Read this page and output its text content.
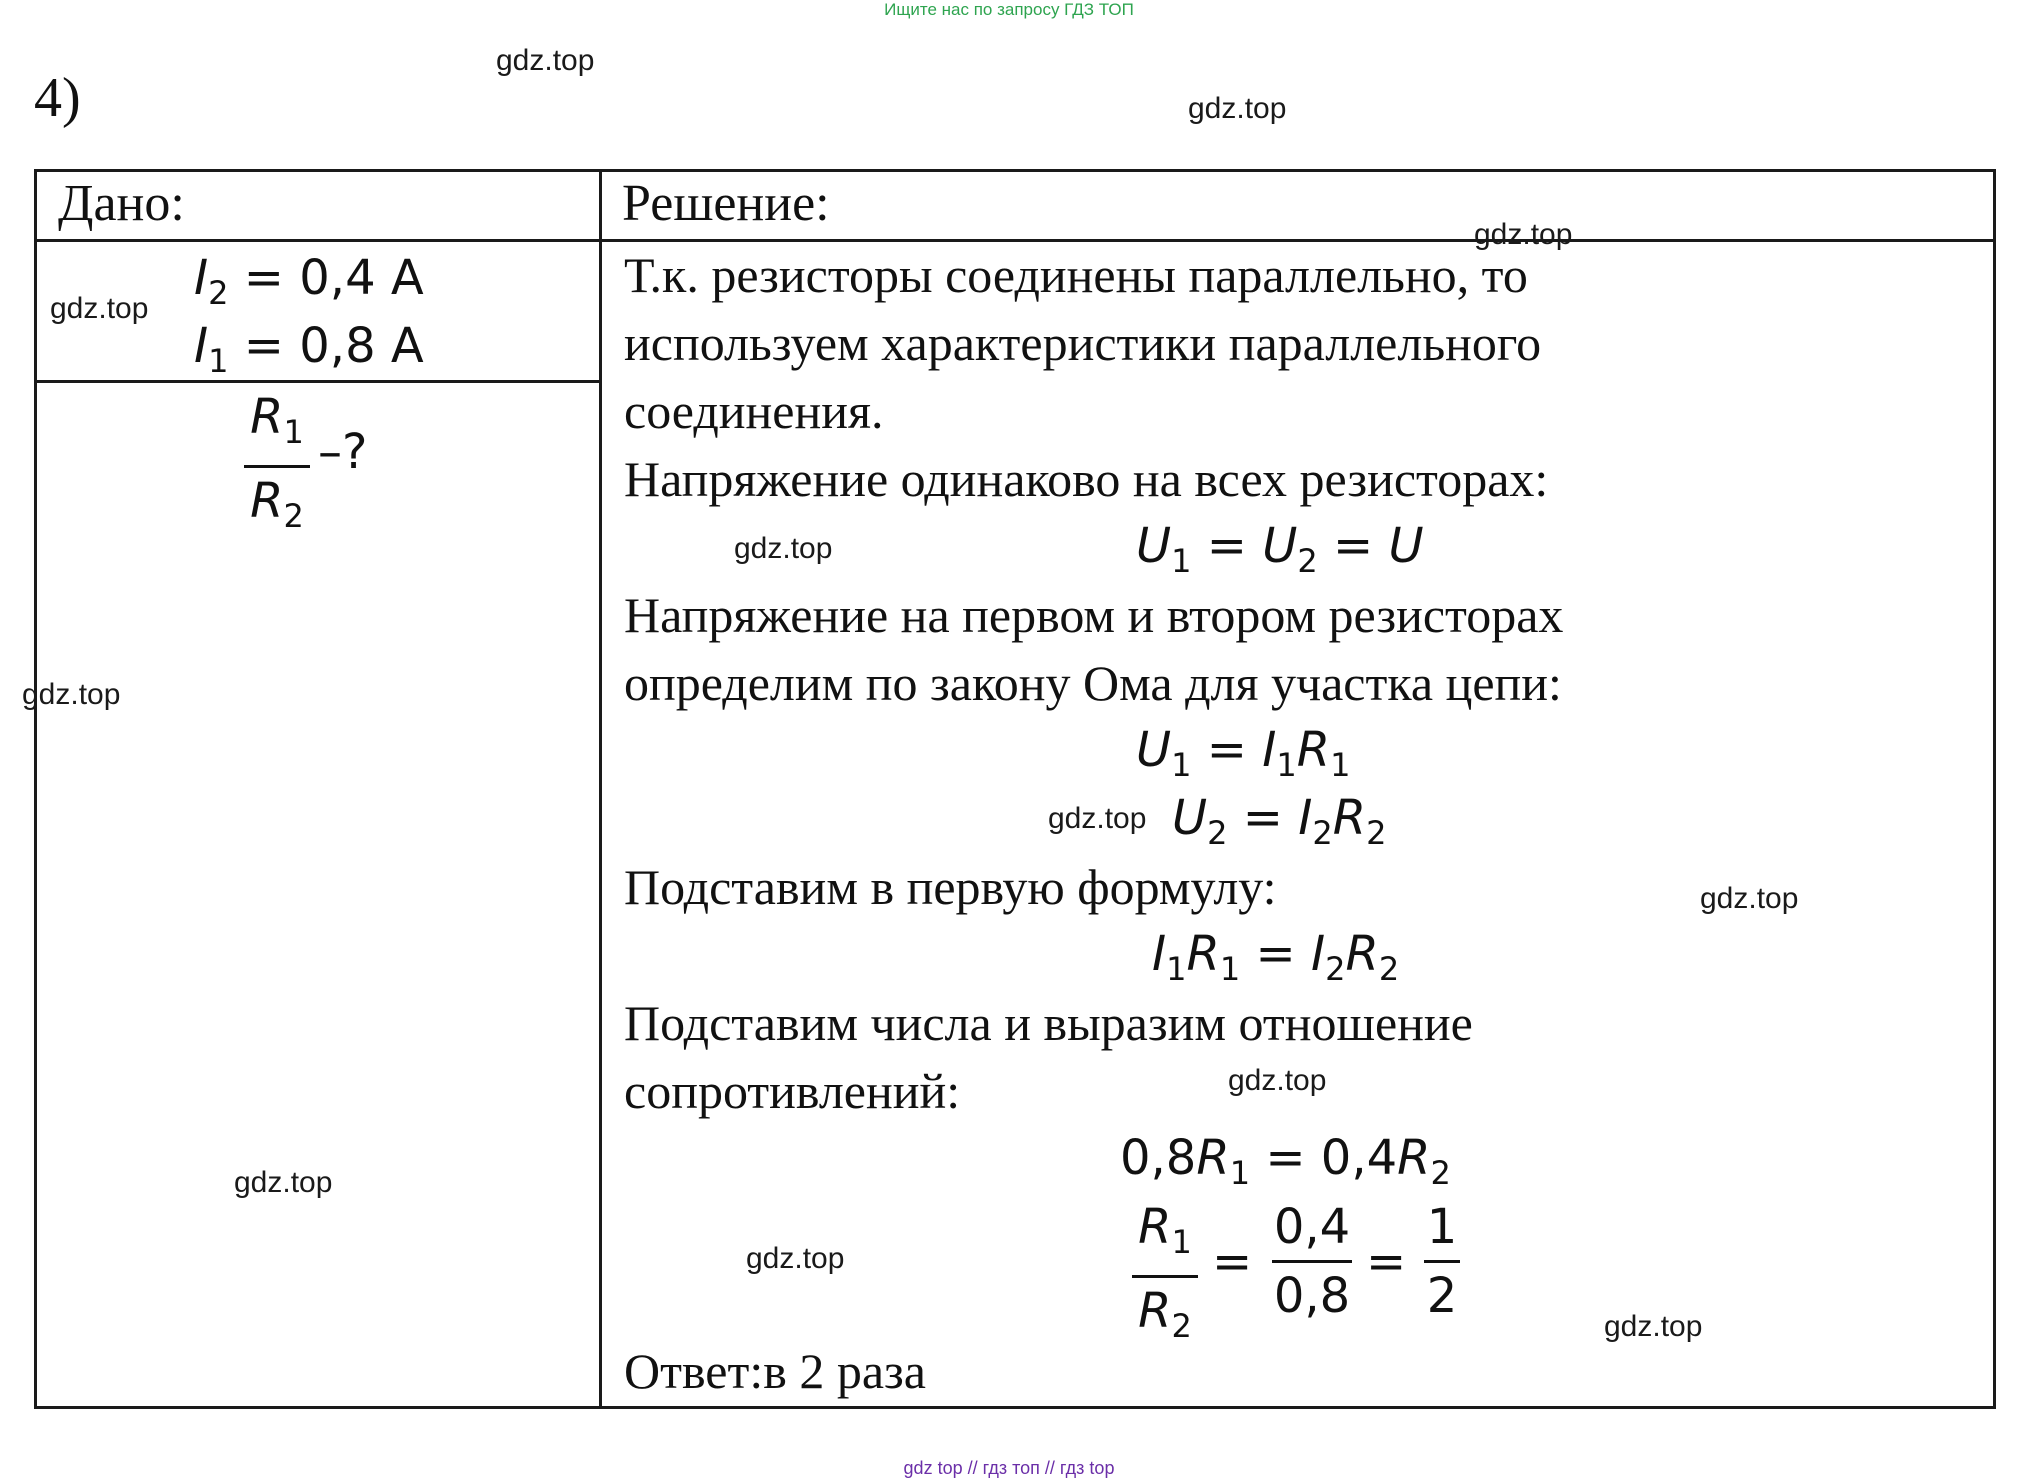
Ищите нас по запросу ГДЗ ТОП
4)
Дано:	Решение:
$I_2 = 0,4$ А
$I_1 = 0,8$ А
$R_1$
$R_2$
–?
Т.к. резисторы соединены параллельно, то
используем характеристики параллельного
соединения.
Напряжение одинаково на всех резисторах:
$U_1 = U_2 = U$
Напряжение на первом и втором резисторах
определим по закону Ома для участка цепи:
$U_1 = I_1R_1$
$U_2 = I_2R_2$
Подставим в первую формулу:
$I_1R_1 = I_2R_2$
Подставим числа и выразим отношение
сопротивлений:
$0,8R_1 = 0,4R_2$
$R_1$
$R_2$
=
0,4
0,8
=
1
2
Ответ:в 2 раза
gdz.top
gdz.top
gdz.top
gdz.top
gdz.top
gdz.top
gdz.top
gdz.top
gdz.top
gdz.top
gdz.top
gdz.top
gdz top // гдз топ // гдз top
